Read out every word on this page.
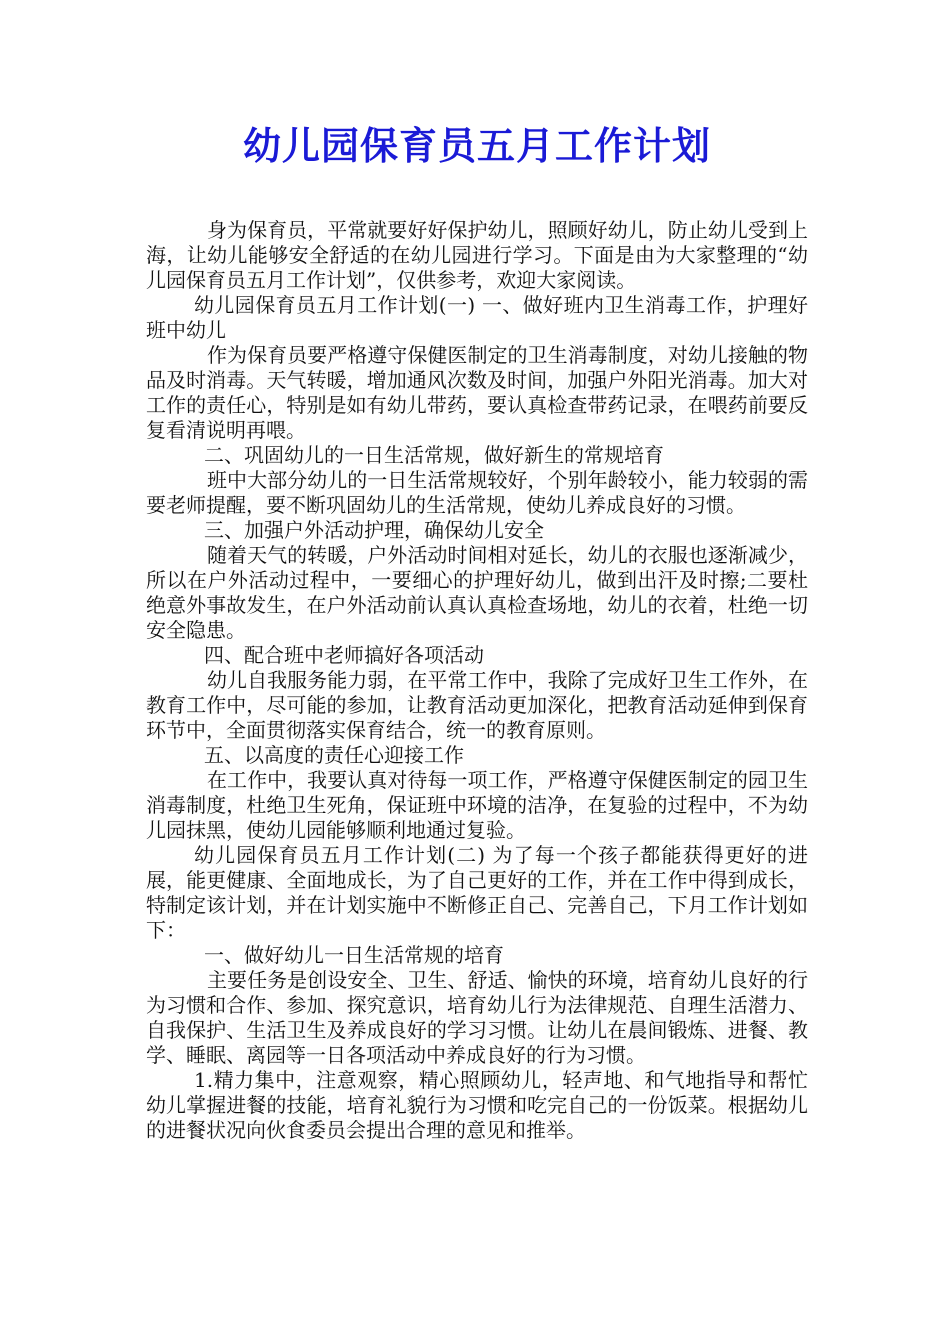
幼儿园保育员五月工作计划

身为保育员，平常就要好好保护幼儿，照顾好幼儿，防止幼儿受到上海，让幼儿能够安全舒适的在幼儿园进行学习。下面是由为大家整理的“幼儿园保育员五月工作计划”，仅供参考，欢迎大家阅读。

幼儿园保育员五月工作计划(一) 一、做好班内卫生消毒工作，护理好班中幼儿

作为保育员要严格遵守保健医制定的卫生消毒制度，对幼儿接触的物品及时消毒。天气转暖，增加通风次数及时间，加强户外阳光消毒。加大对工作的责任心，特别是如有幼儿带药，要认真检查带药记录，在喂药前要反复看清说明再喂。

二、巩固幼儿的一日生活常规，做好新生的常规培育

班中大部分幼儿的一日生活常规较好，个别年龄较小，能力较弱的需要老师提醒，要不断巩固幼儿的生活常规，使幼儿养成良好的习惯。

三、加强户外活动护理，确保幼儿安全

随着天气的转暖，户外活动时间相对延长，幼儿的衣服也逐渐减少，所以在户外活动过程中，一要细心的护理好幼儿，做到出汗及时擦;二要杜绝意外事故发生，在户外活动前认真认真检查场地，幼儿的衣着，杜绝一切安全隐患。

四、配合班中老师搞好各项活动

幼儿自我服务能力弱，在平常工作中，我除了完成好卫生工作外，在教育工作中，尽可能的参加，让教育活动更加深化，把教育活动延伸到保育环节中，全面贯彻落实保育结合，统一的教育原则。

五、以高度的责任心迎接工作

在工作中，我要认真对待每一项工作，严格遵守保健医制定的园卫生消毒制度，杜绝卫生死角，保证班中环境的洁净，在复验的过程中，不为幼儿园抹黑，使幼儿园能够顺利地通过复验。

幼儿园保育员五月工作计划(二) 为了每一个孩子都能获得更好的进展，能更健康、全面地成长，为了自己更好的工作，并在工作中得到成长，特制定该计划，并在计划实施中不断修正自己、完善自己，下月工作计划如下：

一、做好幼儿一日生活常规的培育

主要任务是创设安全、卫生、舒适、愉快的环境，培育幼儿良好的行为习惯和合作、参加、探究意识，培育幼儿行为法律规范、自理生活潜力、自我保护、生活卫生及养成良好的学习习惯。让幼儿在晨间锻炼、进餐、教学、睡眠、离园等一日各项活动中养成良好的行为习惯。

1.精力集中，注意观察，精心照顾幼儿，轻声地、和气地指导和帮忙幼儿掌握进餐的技能，培育礼貌行为习惯和吃完自己的一份饭菜。根据幼儿的进餐状况向伙食委员会提出合理的意见和推举。
